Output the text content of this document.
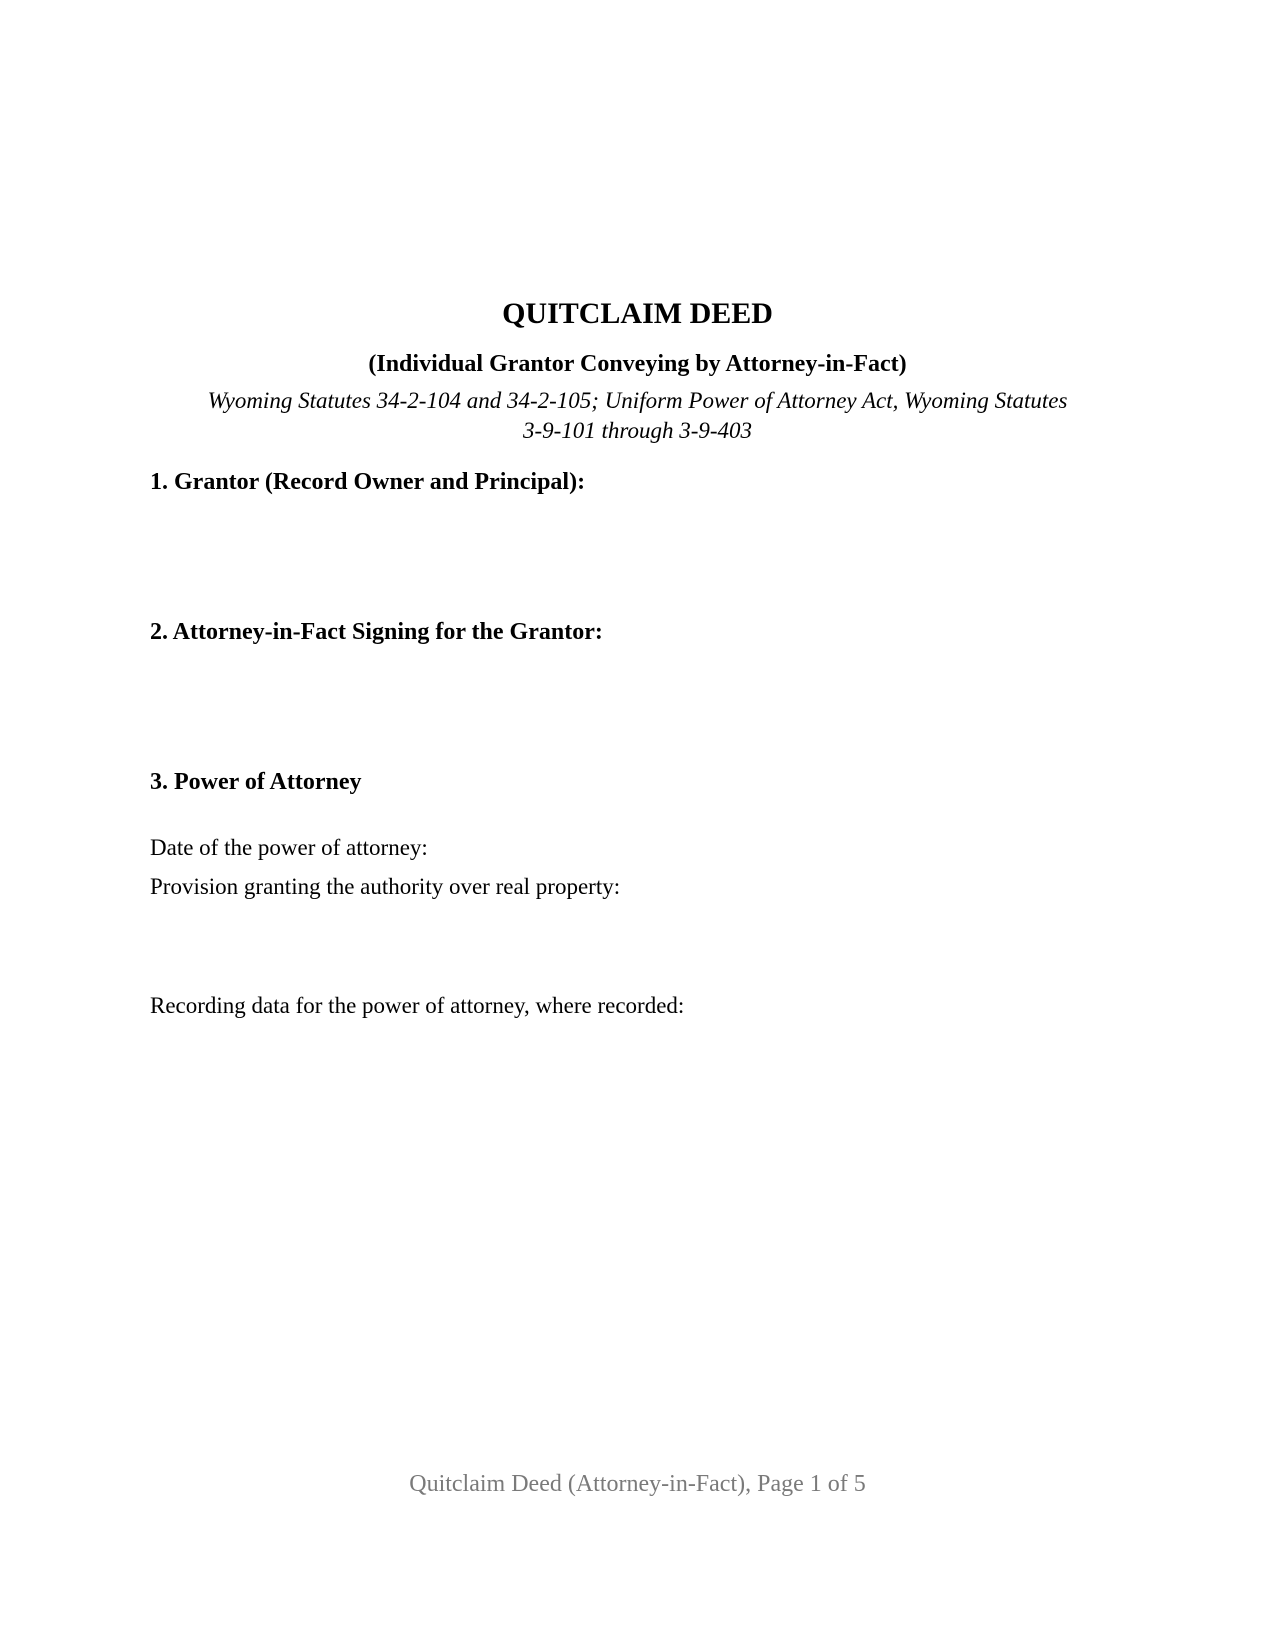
QUITCLAIM DEED
(Individual Grantor Conveying by Attorney-in-Fact)
Wyoming Statutes 34-2-104 and 34-2-105; Uniform Power of Attorney Act, Wyoming Statutes
3-9-101 through 3-9-403
1. Grantor (Record Owner and Principal):
2. Attorney-in-Fact Signing for the Grantor:
3. Power of Attorney

Date of the power of attorney:

Provision granting the authority over real property:

Recording data for the power of attorney, where recorded:

Quitclaim Deed (Attorney-in-Fact), Page 1 of 5
